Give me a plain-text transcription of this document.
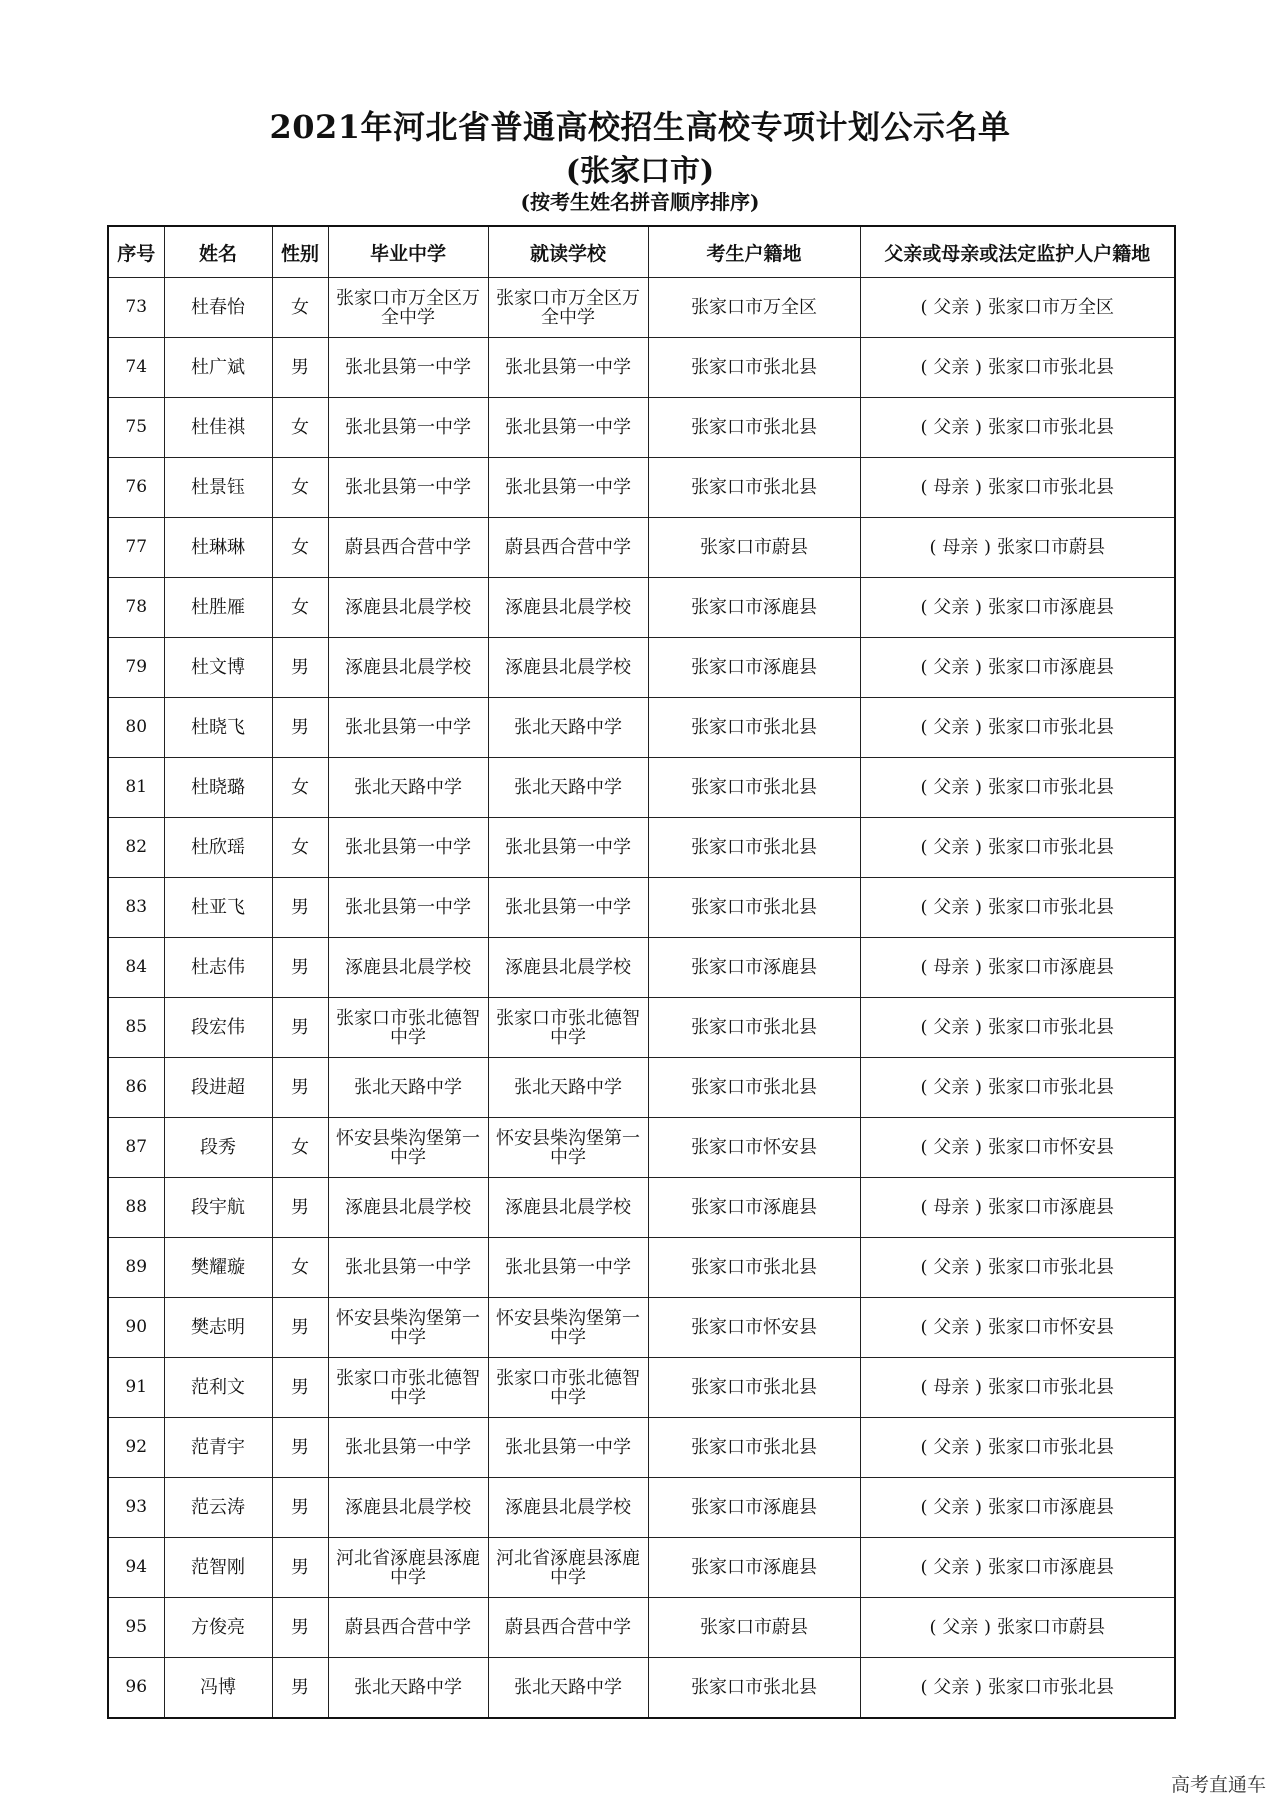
2021年河北省普通高校招生高校专项计划公示名单
(张家口市)
(按考生姓名拼音顺序排序)
序号	姓名	性别	毕业中学	就读学校	考生户籍地	父亲或母亲或法定监护人户籍地
73	杜春怡	女	张家口市万全区万全中学	张家口市万全区万全中学	张家口市万全区	( 父亲 ) 张家口市万全区

74	杜广斌	男	张北县第一中学	张北县第一中学	张家口市张北县	( 父亲 ) 张家口市张北县

75	杜佳祺	女	张北县第一中学	张北县第一中学	张家口市张北县	( 父亲 ) 张家口市张北县

76	杜景钰	女	张北县第一中学	张北县第一中学	张家口市张北县	( 母亲 ) 张家口市张北县

77	杜琳琳	女	蔚县西合营中学	蔚县西合营中学	张家口市蔚县	( 母亲 ) 张家口市蔚县

78	杜胜雁	女	涿鹿县北晨学校	涿鹿县北晨学校	张家口市涿鹿县	( 父亲 ) 张家口市涿鹿县

79	杜文博	男	涿鹿县北晨学校	涿鹿县北晨学校	张家口市涿鹿县	( 父亲 ) 张家口市涿鹿县

80	杜晓飞	男	张北县第一中学	张北天路中学	张家口市张北县	( 父亲 ) 张家口市张北县

81	杜晓璐	女	张北天路中学	张北天路中学	张家口市张北县	( 父亲 ) 张家口市张北县

82	杜欣瑶	女	张北县第一中学	张北县第一中学	张家口市张北县	( 父亲 ) 张家口市张北县

83	杜亚飞	男	张北县第一中学	张北县第一中学	张家口市张北县	( 父亲 ) 张家口市张北县

84	杜志伟	男	涿鹿县北晨学校	涿鹿县北晨学校	张家口市涿鹿县	( 母亲 ) 张家口市涿鹿县

85	段宏伟	男	张家口市张北德智中学	张家口市张北德智中学	张家口市张北县	( 父亲 ) 张家口市张北县

86	段进超	男	张北天路中学	张北天路中学	张家口市张北县	( 父亲 ) 张家口市张北县

87	段秀	女	怀安县柴沟堡第一中学	怀安县柴沟堡第一中学	张家口市怀安县	( 父亲 ) 张家口市怀安县

88	段宇航	男	涿鹿县北晨学校	涿鹿县北晨学校	张家口市涿鹿县	( 母亲 ) 张家口市涿鹿县

89	樊耀璇	女	张北县第一中学	张北县第一中学	张家口市张北县	( 父亲 ) 张家口市张北县

90	樊志明	男	怀安县柴沟堡第一中学	怀安县柴沟堡第一中学	张家口市怀安县	( 父亲 ) 张家口市怀安县

91	范利文	男	张家口市张北德智中学	张家口市张北德智中学	张家口市张北县	( 母亲 ) 张家口市张北县

92	范青宇	男	张北县第一中学	张北县第一中学	张家口市张北县	( 父亲 ) 张家口市张北县

93	范云涛	男	涿鹿县北晨学校	涿鹿县北晨学校	张家口市涿鹿县	( 父亲 ) 张家口市涿鹿县

94	范智刚	男	河北省涿鹿县涿鹿中学	河北省涿鹿县涿鹿中学	张家口市涿鹿县	( 父亲 ) 张家口市涿鹿县

95	方俊亮	男	蔚县西合营中学	蔚县西合营中学	张家口市蔚县	( 父亲 ) 张家口市蔚县

96	冯博	男	张北天路中学	张北天路中学	张家口市张北县	( 父亲 ) 张家口市张北县
高考直通车
